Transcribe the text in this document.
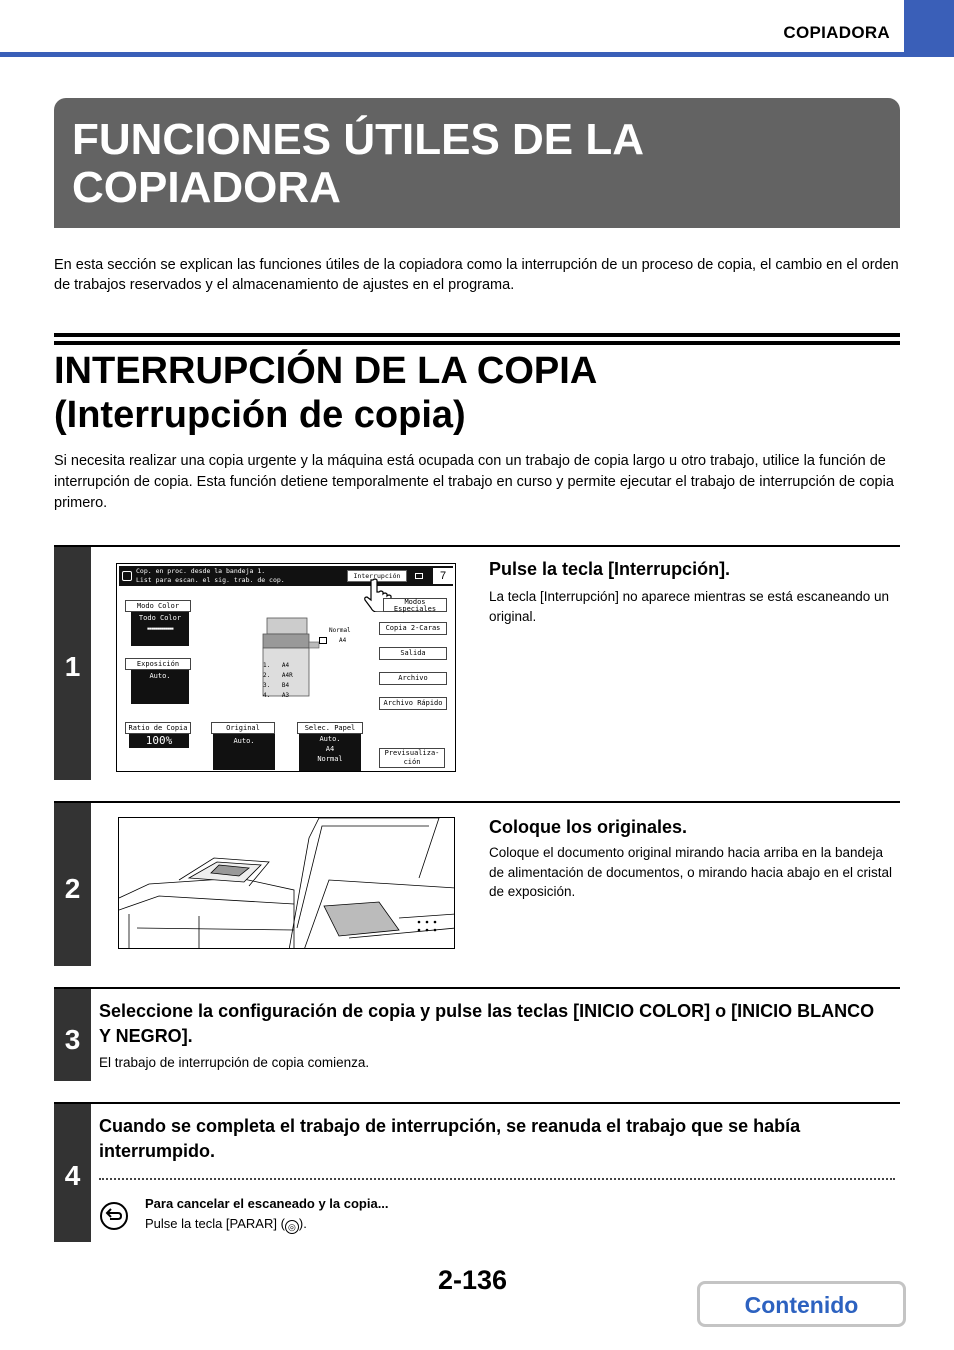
COPIADORA
FUNCIONES ÚTILES DE LA COPIADORA

En esta sección se explican las funciones útiles de la copiadora como la interrupción de un proceso de copia, el cambio en el orden de trabajos reservados y el almacenamiento de ajustes en el programa.

INTERRUPCIÓN DE LA COPIA
(Interrupción de copia)

Si necesita realizar una copia urgente y la máquina está ocupada con un trabajo de copia largo u otro trabajo, utilice la función de interrupción de copia. Esta función detiene temporalmente el trabajo en curso y permite ejecutar el trabajo de interrupción de copia primero.

1
Cop. en proc. desde la bandeja 1.
List para escan. el sig. trab. de cop.	Interrupción	7
Modo Color
Todo Color
▪▪▪▪▪▪▪▪▪▪▪▪▪
Exposición
Auto.
Ratio de Copia
100%
Original
Auto.
Selec. Papel
Auto.
A4
Normal
Normal
A4
1. A4
2. A4R
3. B4
4. A3
Modos
Especiales
Copia 2-Caras
Salida
Archivo
Archivo Rápido
Previsualiza-
ción
Pulse la tecla [Interrupción].
La tecla [Interrupción] no aparece mientras se está escaneando un original.
2
Coloque los originales.
Coloque el documento original mirando hacia arriba en la bandeja de alimentación de documentos, o mirando hacia abajo en el cristal de exposición.
3
Seleccione la configuración de copia y pulse las teclas [INICIO COLOR] o [INICIO BLANCO Y NEGRO].
El trabajo de interrupción de copia comienza.
4
Cuando se completa el trabajo de interrupción, se reanuda el trabajo que se había interrumpido.
Para cancelar el escaneado y la copia...
Pulse la tecla [PARAR] ( ◎ ).
2-136
Contenido
